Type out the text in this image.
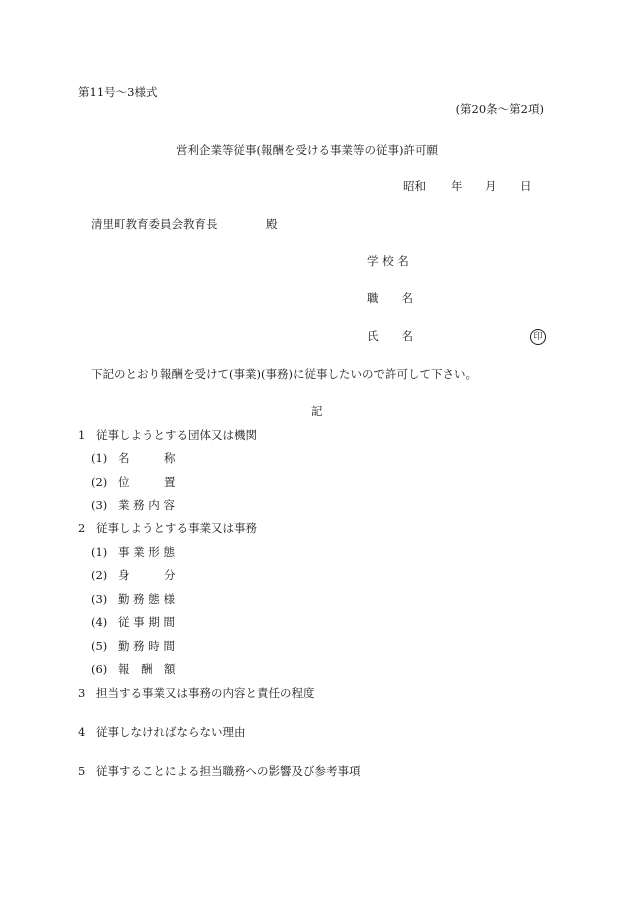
第11号〜3様式
(第20条〜第2項)
営利企業等従事(報酬を受ける事業等の従事)許可願
昭和 年 月 日
清里町教育委員会教育長	殿
学 校 名
職　　名
氏　　名	印
下記のとおり報酬を受けて(事業)(事務)に従事したいので許可して下さい。
記
1 従事しようとする団体又は機関
(1) 名　　　称
(2) 位　　　置
(3) 業 務 内 容
2 従事しようとする事業又は事務
(1) 事 業 形 態
(2) 身　　　分
(3) 勤 務 態 様
(4) 従 事 期 間
(5) 勤 務 時 間
(6) 報　酬　額
3 担当する事業又は事務の内容と責任の程度
4 従事しなければならない理由
5 従事することによる担当職務への影響及び参考事項
